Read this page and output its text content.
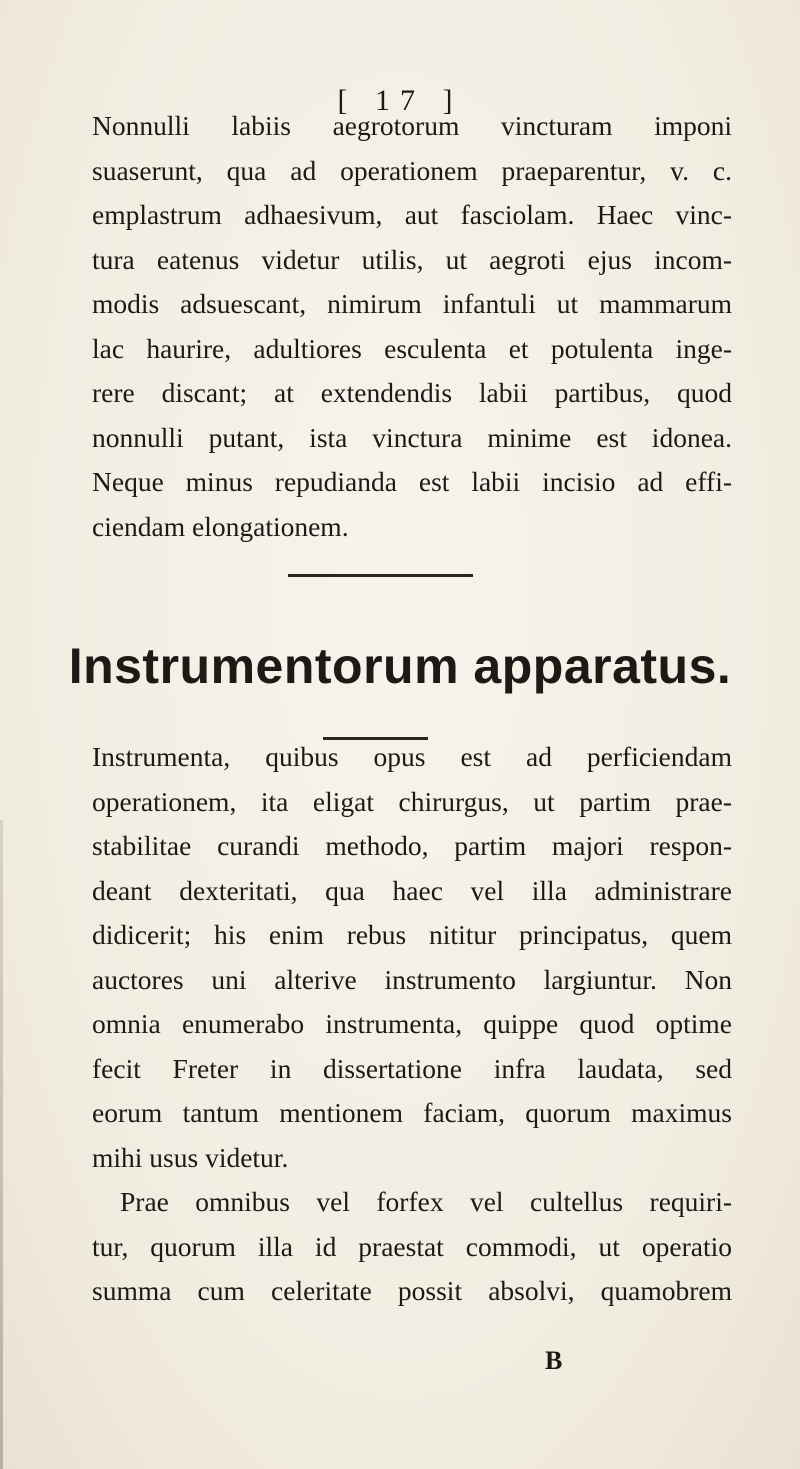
[ 17 ]
Nonnulli labiis aegrotorum vincturam imponi
suaserunt, qua ad operationem praeparentur, v. c.
emplastrum adhaesivum, aut fasciolam. Haec vinc-
tura eatenus videtur utilis, ut aegroti ejus incom-
modis adsuescant, nimirum infantuli ut mammarum
lac haurire, adultiores esculenta et potulenta inge-
rere discant; at extendendis labii partibus, quod
nonnulli putant, ista vinctura minime est idonea.
Neque minus repudianda est labii incisio ad effi-
ciendam elongationem.
Instrumentorum apparatus.
Instrumenta, quibus opus est ad perficiendam
operationem, ita eligat chirurgus, ut partim prae-
stabilitae curandi methodo, partim majori respon-
deant dexteritati, qua haec vel illa administrare
didicerit; his enim rebus nititur principatus, quem
auctores uni alterive instrumento largiuntur. Non
omnia enumerabo instrumenta, quippe quod optime
fecit Freter in dissertatione infra laudata, sed
eorum tantum mentionem faciam, quorum maximus
mihi usus videtur.
Prae omnibus vel forfex vel cultellus requiri-
tur, quorum illa id praestat commodi, ut operatio
summa cum celeritate possit absolvi, quamobrem
B
